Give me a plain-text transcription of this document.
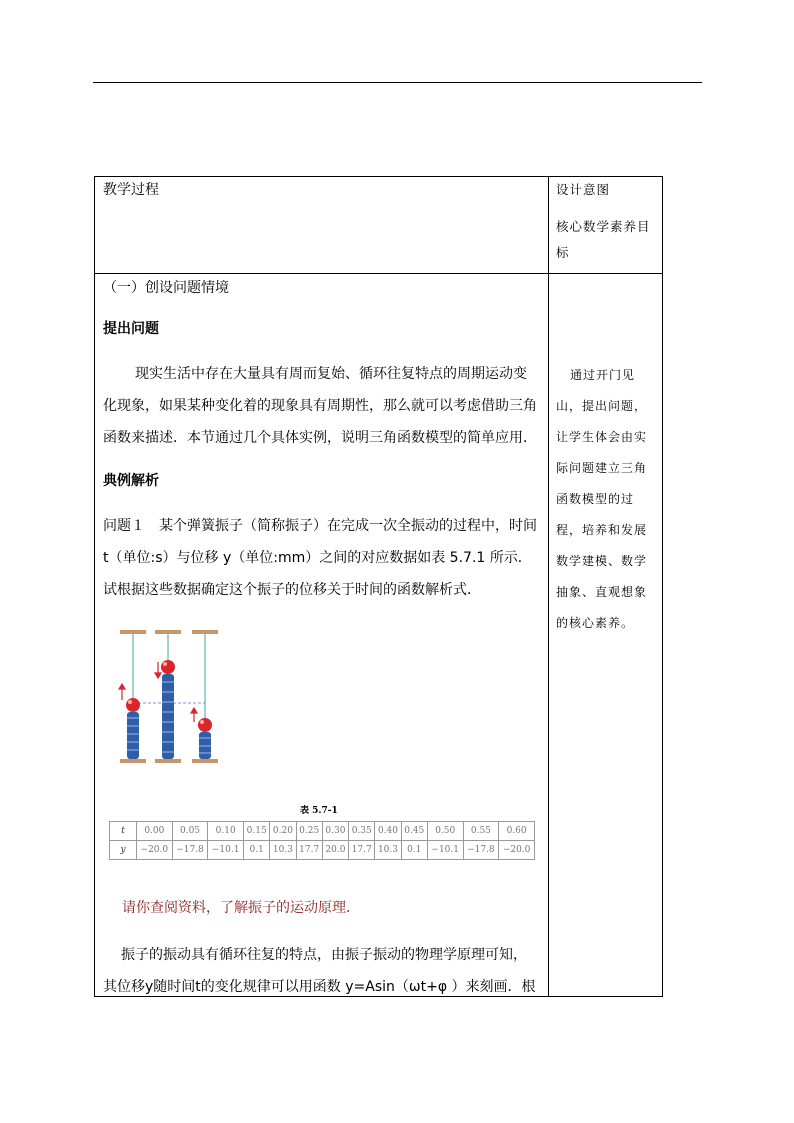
教学过程	设计意图
核心数学素养目标
（一）创设问题情境
提出问题
现实生活中存在大量具有周而复始、循环往复特点的周期运动变化现象，如果某种变化着的现象具有周期性，那么就可以考虑借助三角函数来描述．本节通过几个具体实例，说明三角函数模型的简单应用．
典例解析
问题１　某个弹簧振子（简称振子）在完成一次全振动的过程中，时间t（单位:s）与位移 y（单位:mm）之间的对应数据如表 5.7.1 所示．试根据这些数据确定这个振子的位移关于时间的函数解析式．
通过开门见山，提出问题，让学生体会由实际问题建立三角函数模型的过程，培养和发展数学建模、数学抽象、直观想象的核心素养。
表 5.7-1
t	0.00	0.05	0.10	0.15	0.20	0.25	0.30	0.35	0.40	0.45	0.50	0.55	0.60
y	−20.0	−17.8	−10.1	0.1	10.3	17.7	20.0	17.7	10.3	0.1	−10.1	−17.8	−20.0
请你查阅资料，了解振子的运动原理．
振子的振动具有循环往复的特点，由振子振动的物理学原理可知，其位移y随时间t的变化规律可以用函数 y=Asin（ωt+φ ）来刻画．根
